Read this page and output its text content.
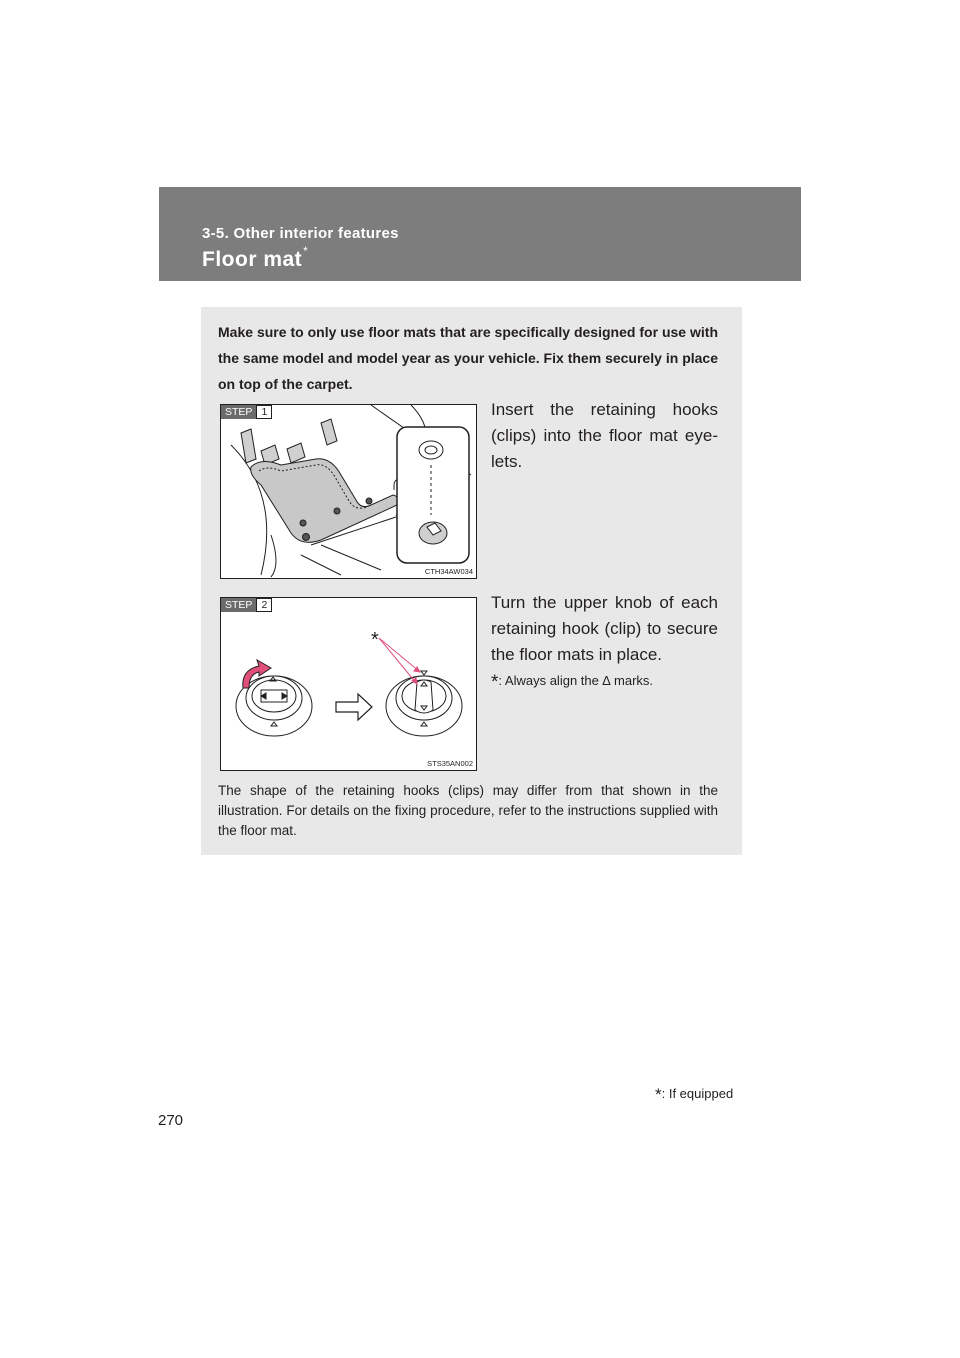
3-5. Other interior features
Floor mat*
Make sure to only use floor mats that are specifically designed for use with the same model and model year as your vehicle. Fix them securely in place on top of the carpet.
STEP 1
CTH34AW034
Insert the retaining hooks (clips) into the floor mat eye-lets.
STEP 2
*
STS35AN002
Turn the upper knob of each retaining hook (clip) to secure the floor mats in place.
*: Always align the ∆ marks.
The shape of the retaining hooks (clips) may differ from that shown in the illustration. For details on the fixing procedure, refer to the instructions supplied with the floor mat.
*: If equipped
270
